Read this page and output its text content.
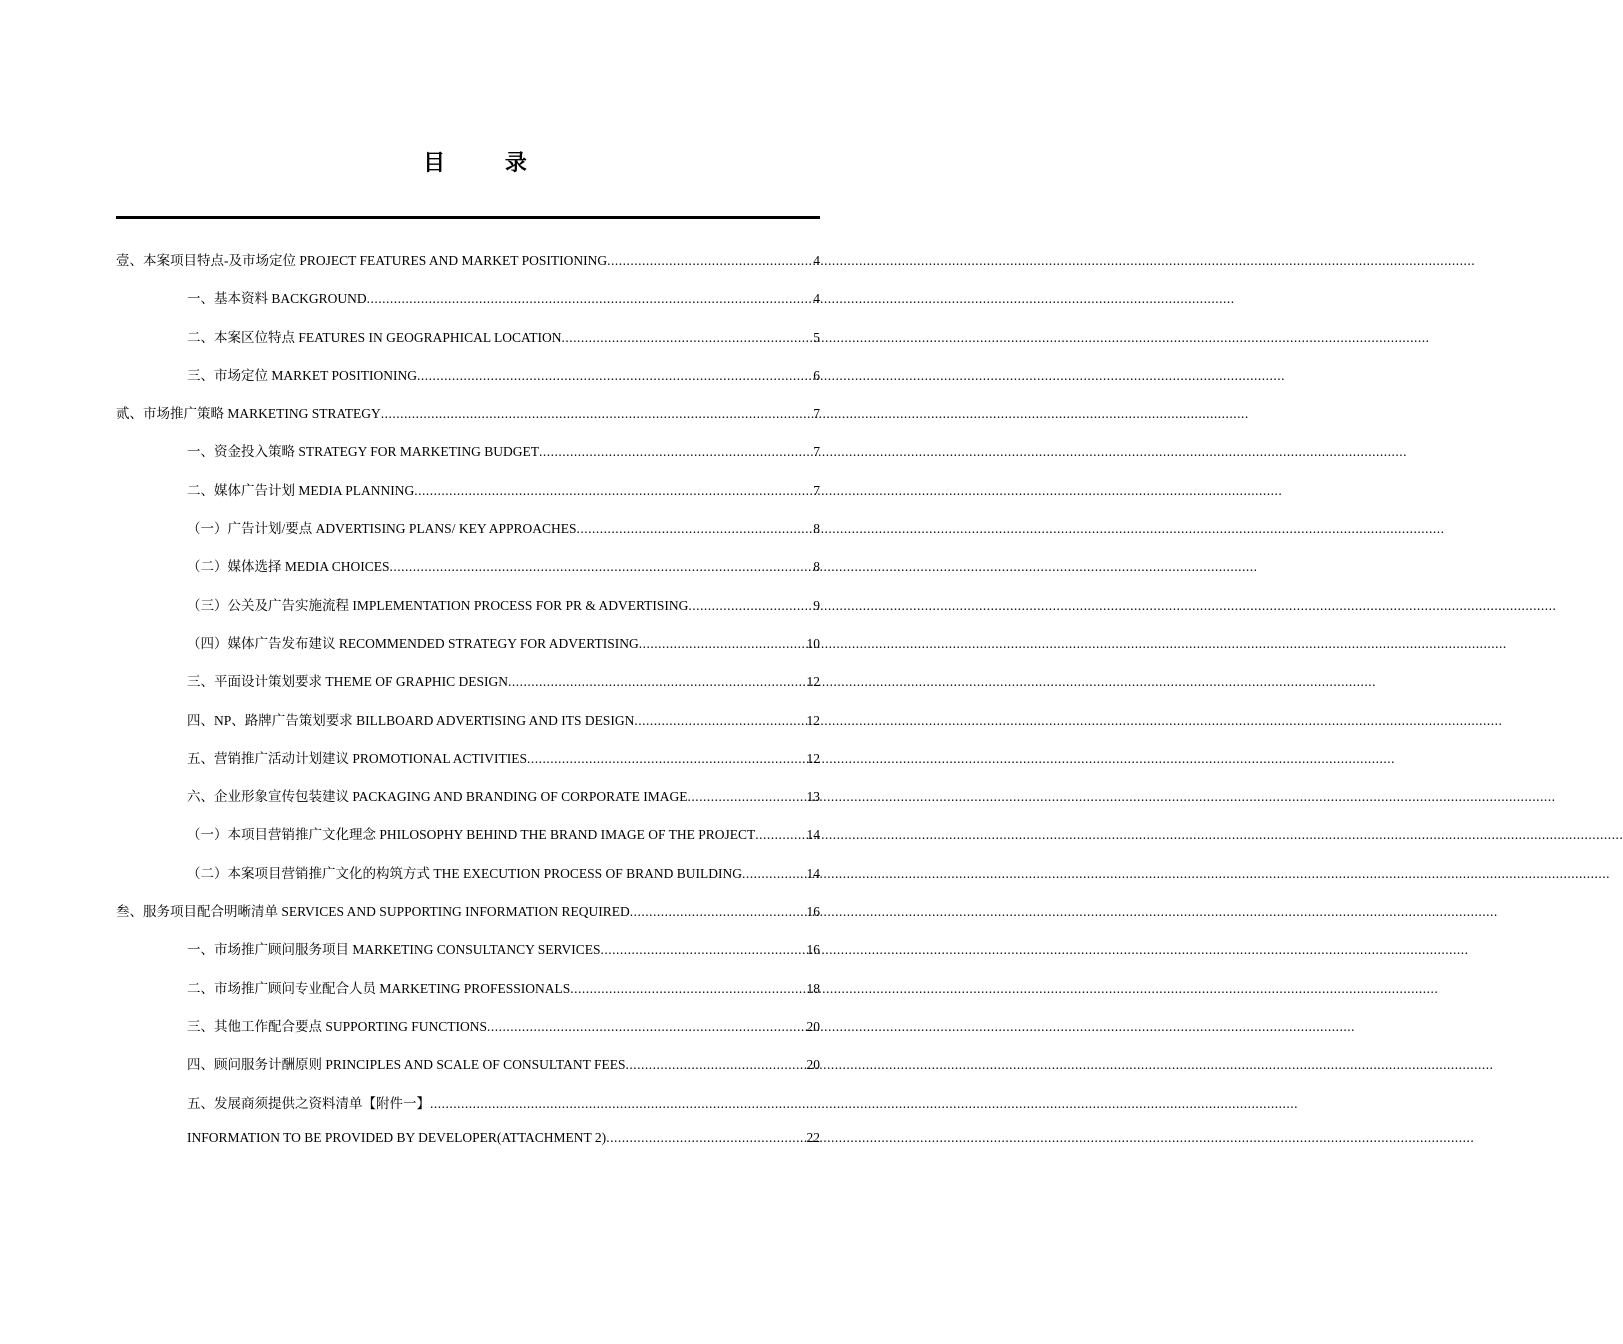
目	录
壹、本案项目特点-及市场定位 PROJECT FEATURES AND MARKET POSITIONING .....	4
一、基本资料 BACKGROUND .....	4
二、本案区位特点 FEATURES IN GEOGRAPHICAL LOCATION .....	5
三、市场定位 MARKET POSITIONING .....	6
贰、市场推广策略 MARKETING STRATEGY .....	7
一、资金投入策略 STRATEGY FOR MARKETING BUDGET .....	7
二、媒体广告计划 MEDIA PLANNING .....	7
（一）广告计划/要点 ADVERTISING PLANS/ KEY APPROACHES .....	8
（二）媒体选择 MEDIA CHOICES .....	8
（三）公关及广告实施流程 IMPLEMENTATION PROCESS FOR PR & ADVERTISING .....	9
（四）媒体广告发布建议 RECOMMENDED STRATEGY FOR ADVERTISING .....	10
三、平面设计策划要求 THEME OF GRAPHIC DESIGN .....	12
四、NP、路牌广告策划要求 BILLBOARD ADVERTISING AND ITS DESIGN .....	12
五、营销推广活动计划建议 PROMOTIONAL ACTIVITIES .....	12
六、企业形象宣传包装建议 PACKAGING AND BRANDING OF CORPORATE IMAGE .....	13
（一）本项目营销推广文化理念 PHILOSOPHY BEHIND THE BRAND IMAGE OF THE PROJECT .....	14
（二）本案项目营销推广文化的构筑方式 THE EXECUTION PROCESS OF BRAND BUILDING .....	14
叁、服务项目配合明晰清单 SERVICES AND SUPPORTING INFORMATION REQUIRED .....	16
一、市场推广顾问服务项目 MARKETING CONSULTANCY SERVICES .....	16
二、市场推广顾问专业配合人员 MARKETING PROFESSIONALS .....	18
三、其他工作配合要点 SUPPORTING FUNCTIONS .....	20
四、顾问服务计酬原则 PRINCIPLES AND SCALE OF CONSULTANT FEES .....	20
五、发展商须提供之资料清单【附件一】
.....
INFORMATION TO BE PROVIDED BY DEVELOPER(ATTACHMENT 2) .....	22
